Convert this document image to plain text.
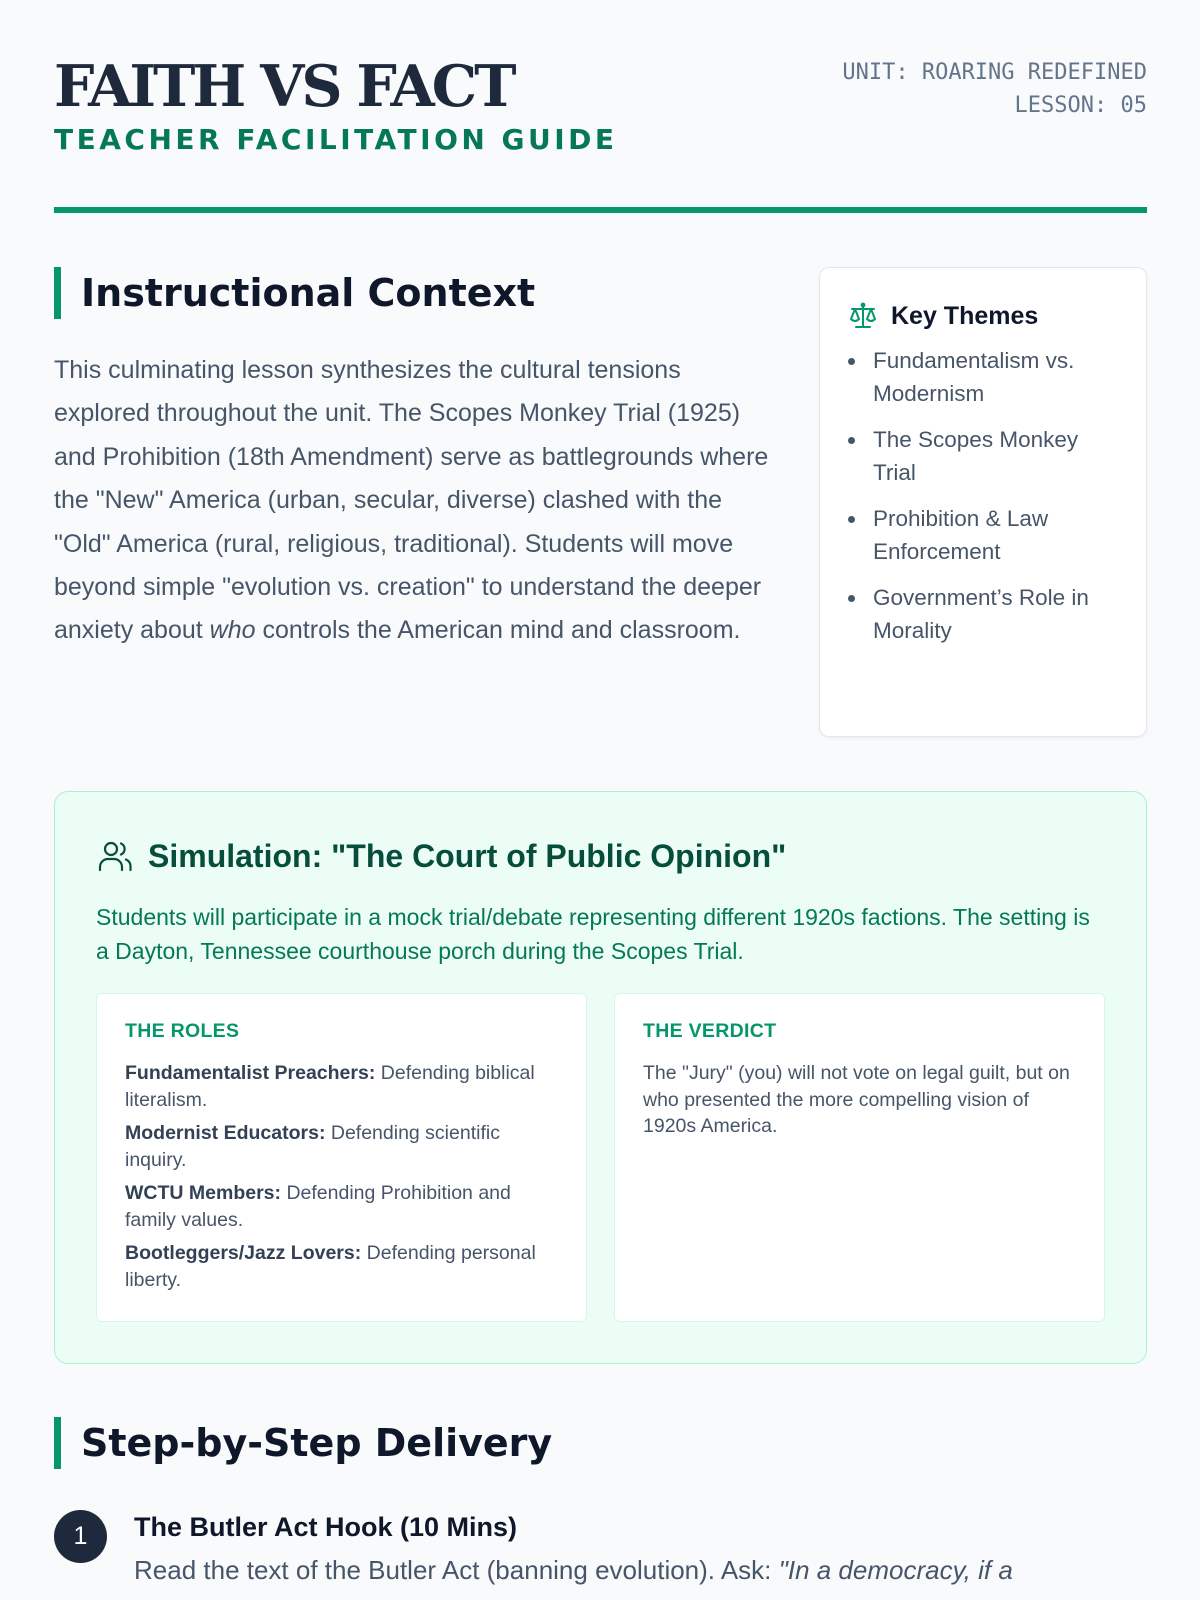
FAITH VS FACT
TEACHER FACILITATION GUIDE
UNIT: ROARING REDEFINED
LESSON: 05
Instructional Context

This culminating lesson synthesizes the cultural tensions explored throughout the unit. The Scopes Monkey Trial (1925) and Prohibition (18th Amendment) serve as battlegrounds where the "New" America (urban, secular, diverse) clashed with the "Old" America (rural, religious, traditional). Students will move beyond simple "evolution vs. creation" to understand the deeper anxiety about who controls the American mind and classroom.

Key Themes
Fundamentalism vs. Modernism
The Scopes Monkey Trial
Prohibition & Law Enforcement
Government’s Role in Morality
Simulation: "The Court of Public Opinion"

Students will participate in a mock trial/debate representing different 1920s factions. The setting is a Dayton, Tennessee courthouse porch during the Scopes Trial.

THE ROLES
Fundamentalist Preachers: Defending biblical literalism.
Modernist Educators: Defending scientific inquiry.
WCTU Members: Defending Prohibition and family values.
Bootleggers/Jazz Lovers: Defending personal liberty.
THE VERDICT

The "Jury" (you) will not vote on legal guilt, but on who presented the more compelling vision of 1920s America.

Step-by-Step Delivery
1	The Butler Act Hook (10 Mins)
Read the text of the Butler Act (banning evolution). Ask: "In a democracy, if a
